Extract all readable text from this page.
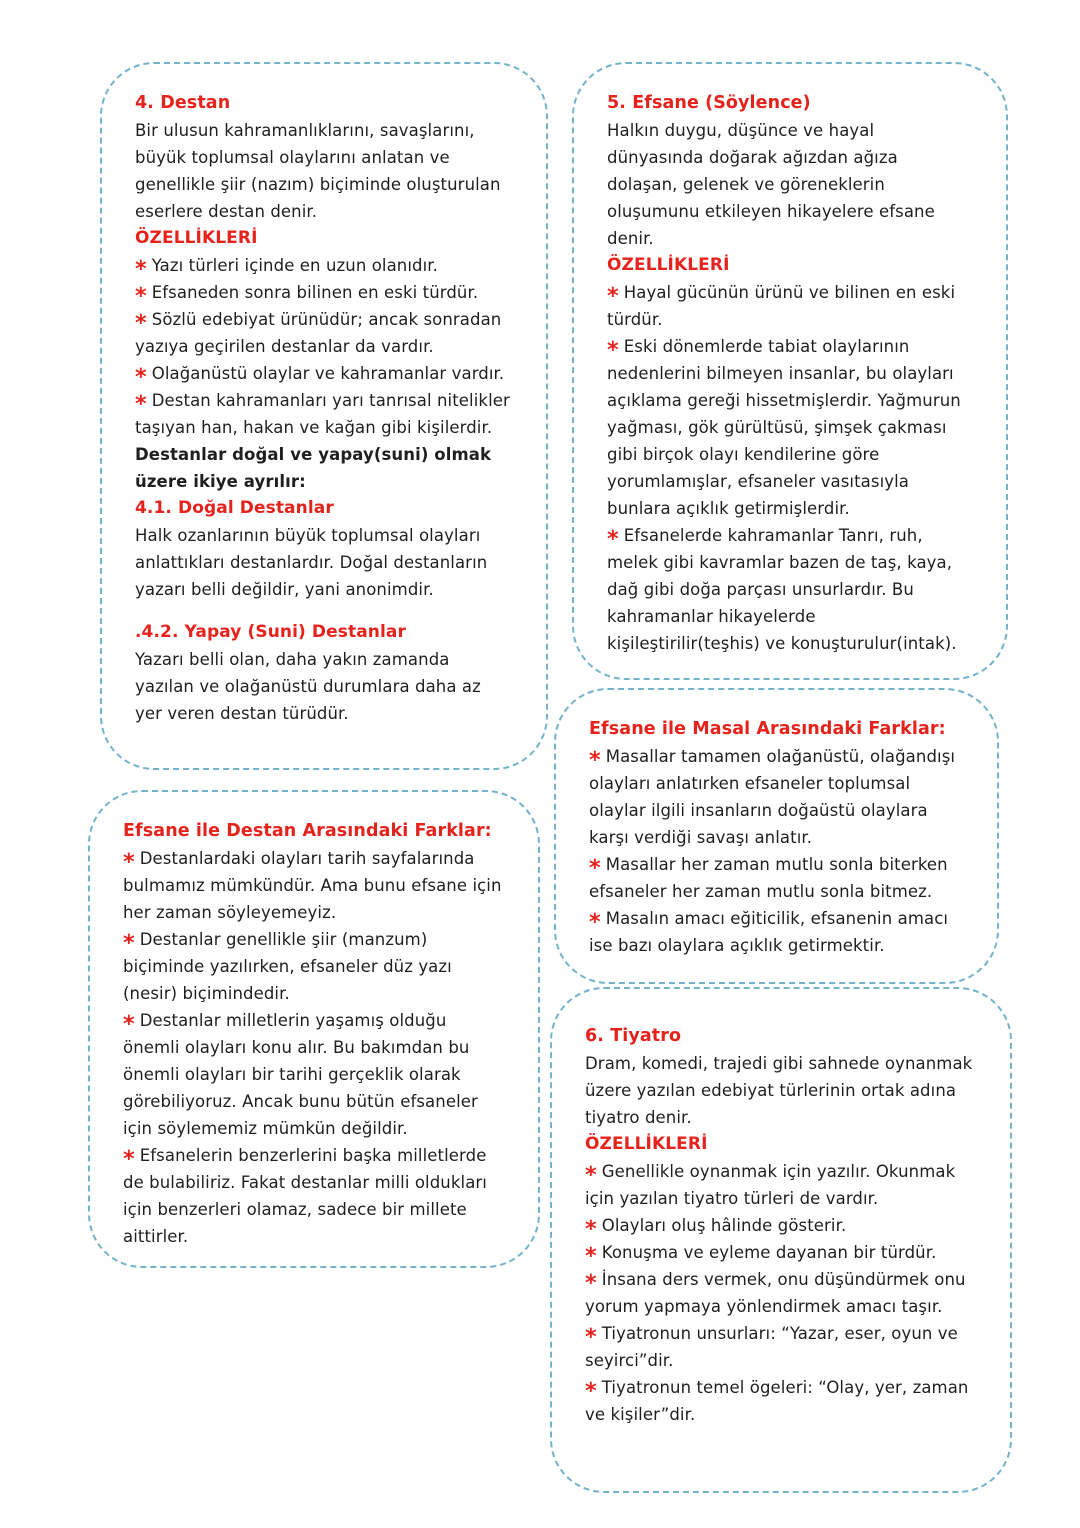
4. Destan
Bir ulusun kahramanlıklarını, savaşlarını, büyük toplumsal olaylarını anlatan ve genellikle şiir (nazım) biçiminde oluşturulan eserlere destan denir.
ÖZELLİKLERİ
* Yazı türleri içinde en uzun olanıdır.
* Efsaneden sonra bilinen en eski türdür.
* Sözlü edebiyat ürünüdür; ancak sonradan yazıya geçirilen destanlar da vardır.
* Olağanüstü olaylar ve kahramanlar vardır.
* Destan kahramanları yarı tanrısal nitelikler taşıyan han, hakan ve kağan gibi kişilerdir.
Destanlar doğal ve yapay(suni) olmak üzere ikiye ayrılır:
4.1. Doğal Destanlar
Halk ozanlarının büyük toplumsal olayları anlattıkları destanlardır. Doğal destanların yazarı belli değildir, yani anonimdir.
.4.2. Yapay (Suni) Destanlar
Yazarı belli olan, daha yakın zamanda yazılan ve olağanüstü durumlara daha az yer veren destan türüdür.
5. Efsane (Söylence)
Halkın duygu, düşünce ve hayal dünyasında doğarak ağızdan ağıza dolaşan, gelenek ve göreneklerin oluşumunu etkileyen hikayelere efsane denir.
ÖZELLİKLERİ
* Hayal gücünün ürünü ve bilinen en eski türdür.
* Eski dönemlerde tabiat olaylarının nedenlerini bilmeyen insanlar, bu olayları açıklama gereği hissetmişlerdir. Yağmurun yağması, gök gürültüsü, şimşek çakması gibi birçok olayı kendilerine göre yorumlamışlar, efsaneler vasıtasıyla bunlara açıklık getirmişlerdir.
* Efsanelerde kahramanlar Tanrı, ruh, melek gibi kavramlar bazen de taş, kaya, dağ gibi doğa parçası unsurlardır. Bu kahramanlar hikayelerde kişileştirilir(teşhis) ve konuşturulur(intak).
Efsane ile Masal Arasındaki Farklar:
* Masallar tamamen olağanüstü, olağandışı olayları anlatırken efsaneler toplumsal olaylar ilgili insanların doğaüstü olaylara karşı verdiği savaşı anlatır.
* Masallar her zaman mutlu sonla biterken efsaneler her zaman mutlu sonla bitmez.
* Masalın amacı eğiticilik, efsanenin amacı ise bazı olaylara açıklık getirmektir.
Efsane ile Destan Arasındaki Farklar:
* Destanlardaki olayları tarih sayfalarında bulmamız mümkündür. Ama bunu efsane için her zaman söyleyemeyiz.
* Destanlar genellikle şiir (manzum) biçiminde yazılırken, efsaneler düz yazı (nesir) biçimindedir.
* Destanlar milletlerin yaşamış olduğu önemli olayları konu alır. Bu bakımdan bu önemli olayları bir tarihi gerçeklik olarak görebiliyoruz. Ancak bunu bütün efsaneler için söylememiz mümkün değildir.
* Efsanelerin benzerlerini başka milletlerde de bulabiliriz. Fakat destanlar milli oldukları için benzerleri olamaz, sadece bir millete aittirler.
6. Tiyatro
Dram, komedi, trajedi gibi sahnede oynanmak üzere yazılan edebiyat türlerinin ortak adına tiyatro denir.
ÖZELLİKLERİ
* Genellikle oynanmak için yazılır. Okunmak için yazılan tiyatro türleri de vardır.
* Olayları oluş hâlinde gösterir.
* Konuşma ve eyleme dayanan bir türdür.
* İnsana ders vermek, onu düşündürmek onu yorum yapmaya yönlendirmek amacı taşır.
* Tiyatronun unsurları: “Yazar, eser, oyun ve seyirci”dir.
* Tiyatronun temel ögeleri: “Olay, yer, zaman ve kişiler”dir.
